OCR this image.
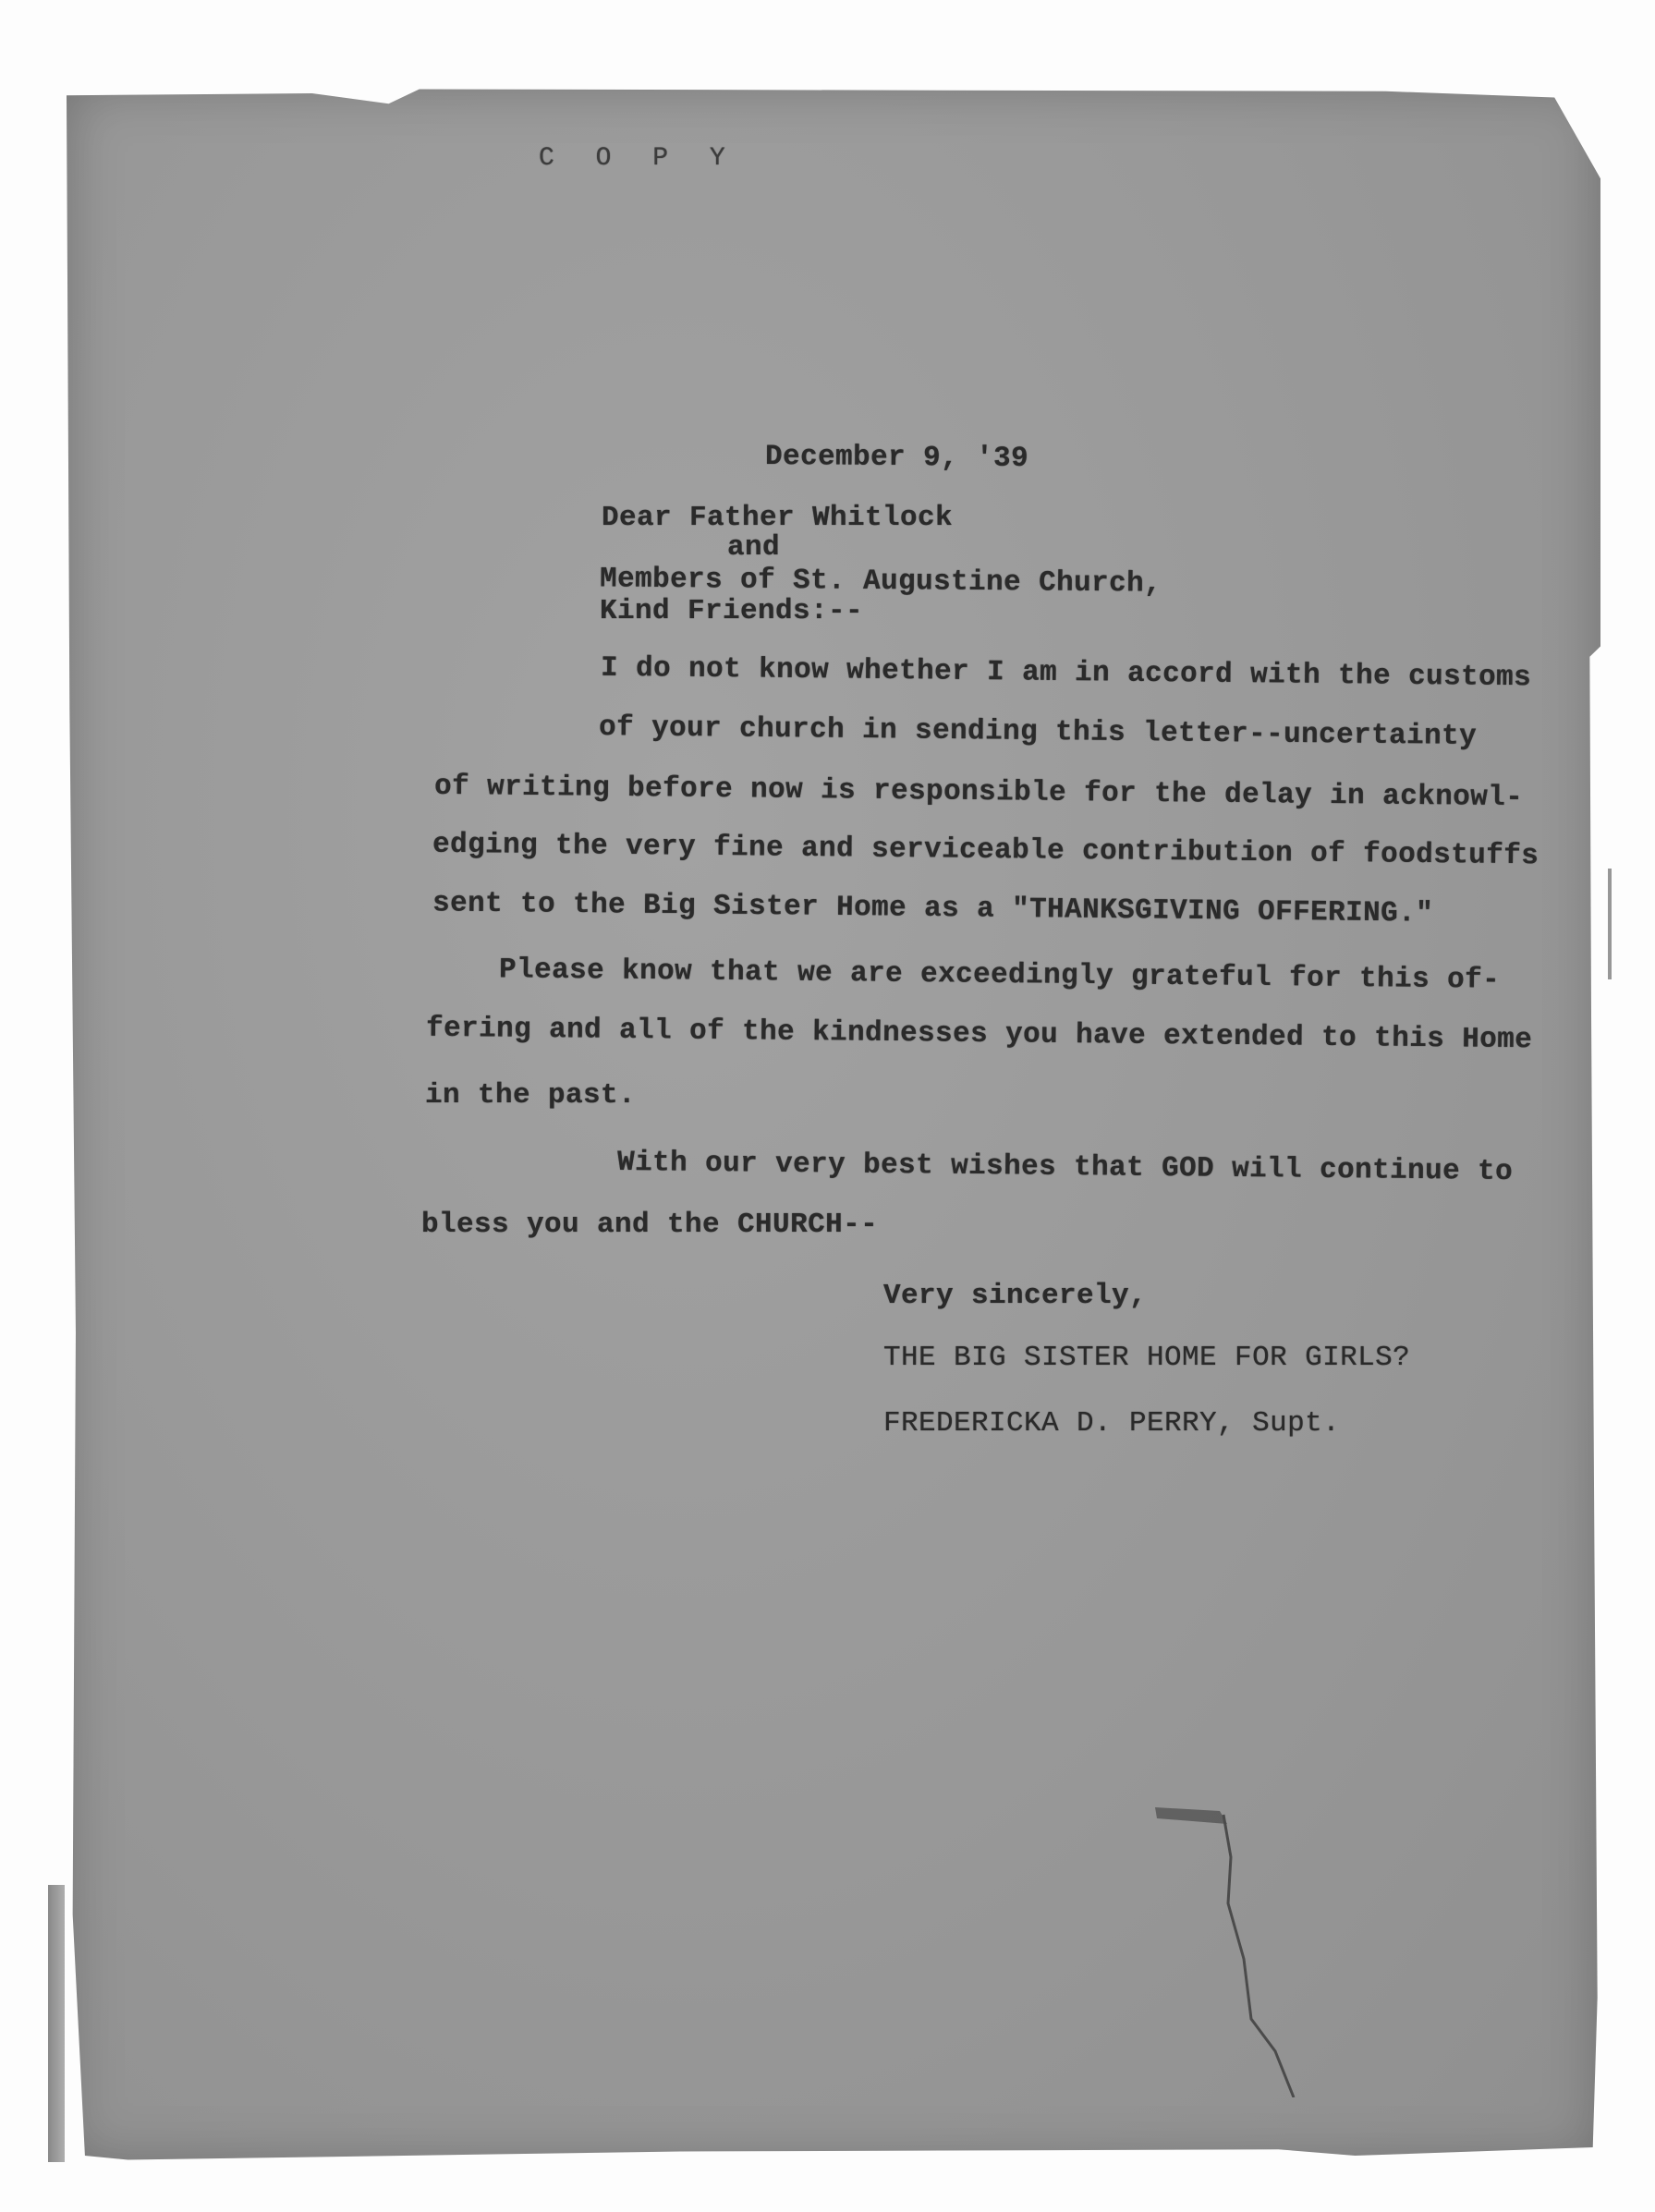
C O P Y

December 9, '39

Dear Father Whitlock

and

Members of St. Augustine Church,

Kind Friends:--

I do not know whether I am in accord with the customs

of your church in sending this letter--uncertainty

of writing before now is responsible for the delay in acknowl-

edging the very fine and serviceable contribution of foodstuffs

sent to the Big Sister Home as a "THANKSGIVING OFFERING."

Please know that we are exceedingly grateful for this of-

fering and all of the kindnesses you have extended to this Home

in the past.

With our very best wishes that GOD will continue to

bless you and the CHURCH--

Very sincerely,

THE BIG SISTER HOME FOR GIRLS?

FREDERICKA D. PERRY, Supt.
